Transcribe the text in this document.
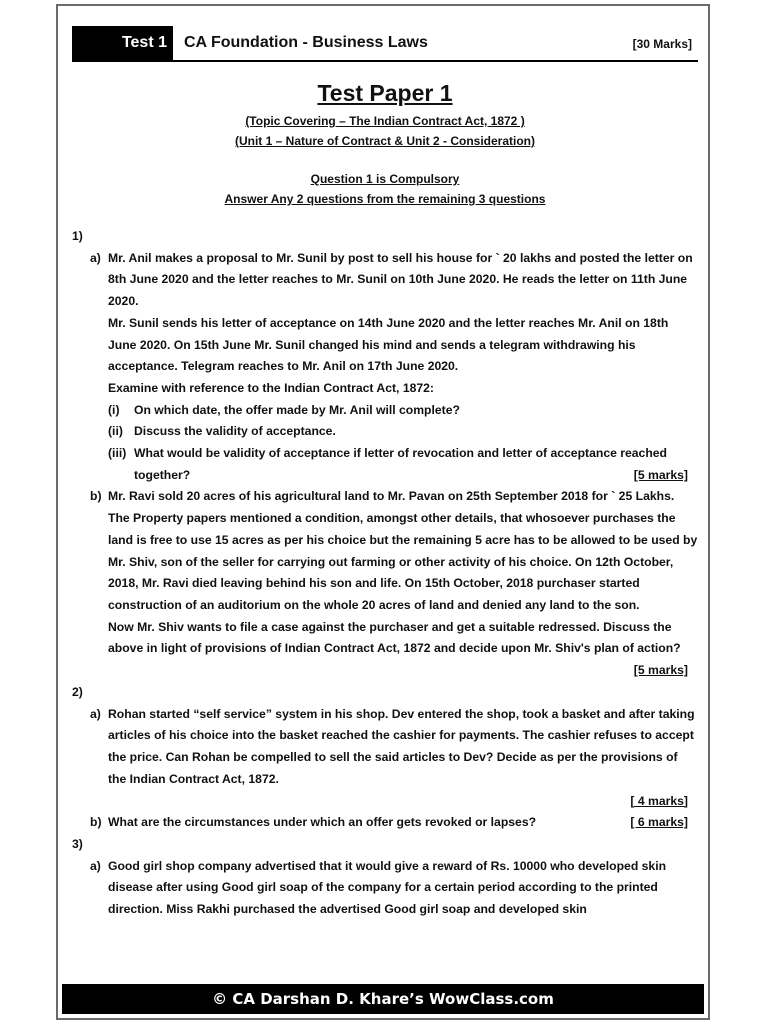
Test 1	CA Foundation - Business Laws	[30 Marks]
Test Paper 1
(Topic Covering – The Indian Contract Act, 1872 )
(Unit 1 – Nature of Contract & Unit 2 - Consideration)
Question 1 is Compulsory
Answer Any 2 questions from the remaining 3 questions
1)
a) Mr. Anil makes a proposal to Mr. Sunil by post to sell his house for ` 20 lakhs and posted the letter on 8th June 2020 and the letter reaches to Mr. Sunil on 10th June 2020. He reads the letter on 11th June 2020.
Mr. Sunil sends his letter of acceptance on 14th June 2020 and the letter reaches Mr. Anil on 18th June 2020. On 15th June Mr. Sunil changed his mind and sends a telegram withdrawing his acceptance. Telegram reaches to Mr. Anil on 17th June 2020.
Examine with reference to the Indian Contract Act, 1872:
(i) On which date, the offer made by Mr. Anil will complete?
(ii) Discuss the validity of acceptance.
(iii) What would be validity of acceptance if letter of revocation and letter of acceptance reached together?	[5 marks]
b) Mr. Ravi sold 20 acres of his agricultural land to Mr. Pavan on 25th September 2018 for ` 25 Lakhs. The Property papers mentioned a condition, amongst other details, that whosoever purchases the land is free to use 15 acres as per his choice but the remaining 5 acre has to be allowed to be used by Mr. Shiv, son of the seller for carrying out farming or other activity of his choice. On 12th October, 2018, Mr. Ravi died leaving behind his son and life. On 15th October, 2018 purchaser started construction of an auditorium on the whole 20 acres of land and denied any land to the son.
Now Mr. Shiv wants to file a case against the purchaser and get a suitable redressed. Discuss the above in light of provisions of Indian Contract Act, 1872 and decide upon Mr. Shiv's plan of action?
[5 marks]
2)
a) Rohan started “self service” system in his shop. Dev entered the shop, took a basket and after taking articles of his choice into the basket reached the cashier for payments. The cashier refuses to accept the price. Can Rohan be compelled to sell the said articles to Dev? Decide as per the provisions of the Indian Contract Act, 1872.
[ 4 marks]
b) What are the circumstances under which an offer gets revoked or lapses?	[ 6 marks]
3)
a) Good girl shop company advertised that it would give a reward of Rs. 10000 who developed skin disease after using Good girl soap of the company for a certain period according to the printed direction. Miss Rakhi purchased the advertised Good girl soap and developed skin
© CA Darshan D. Khare’s WowClass.com
